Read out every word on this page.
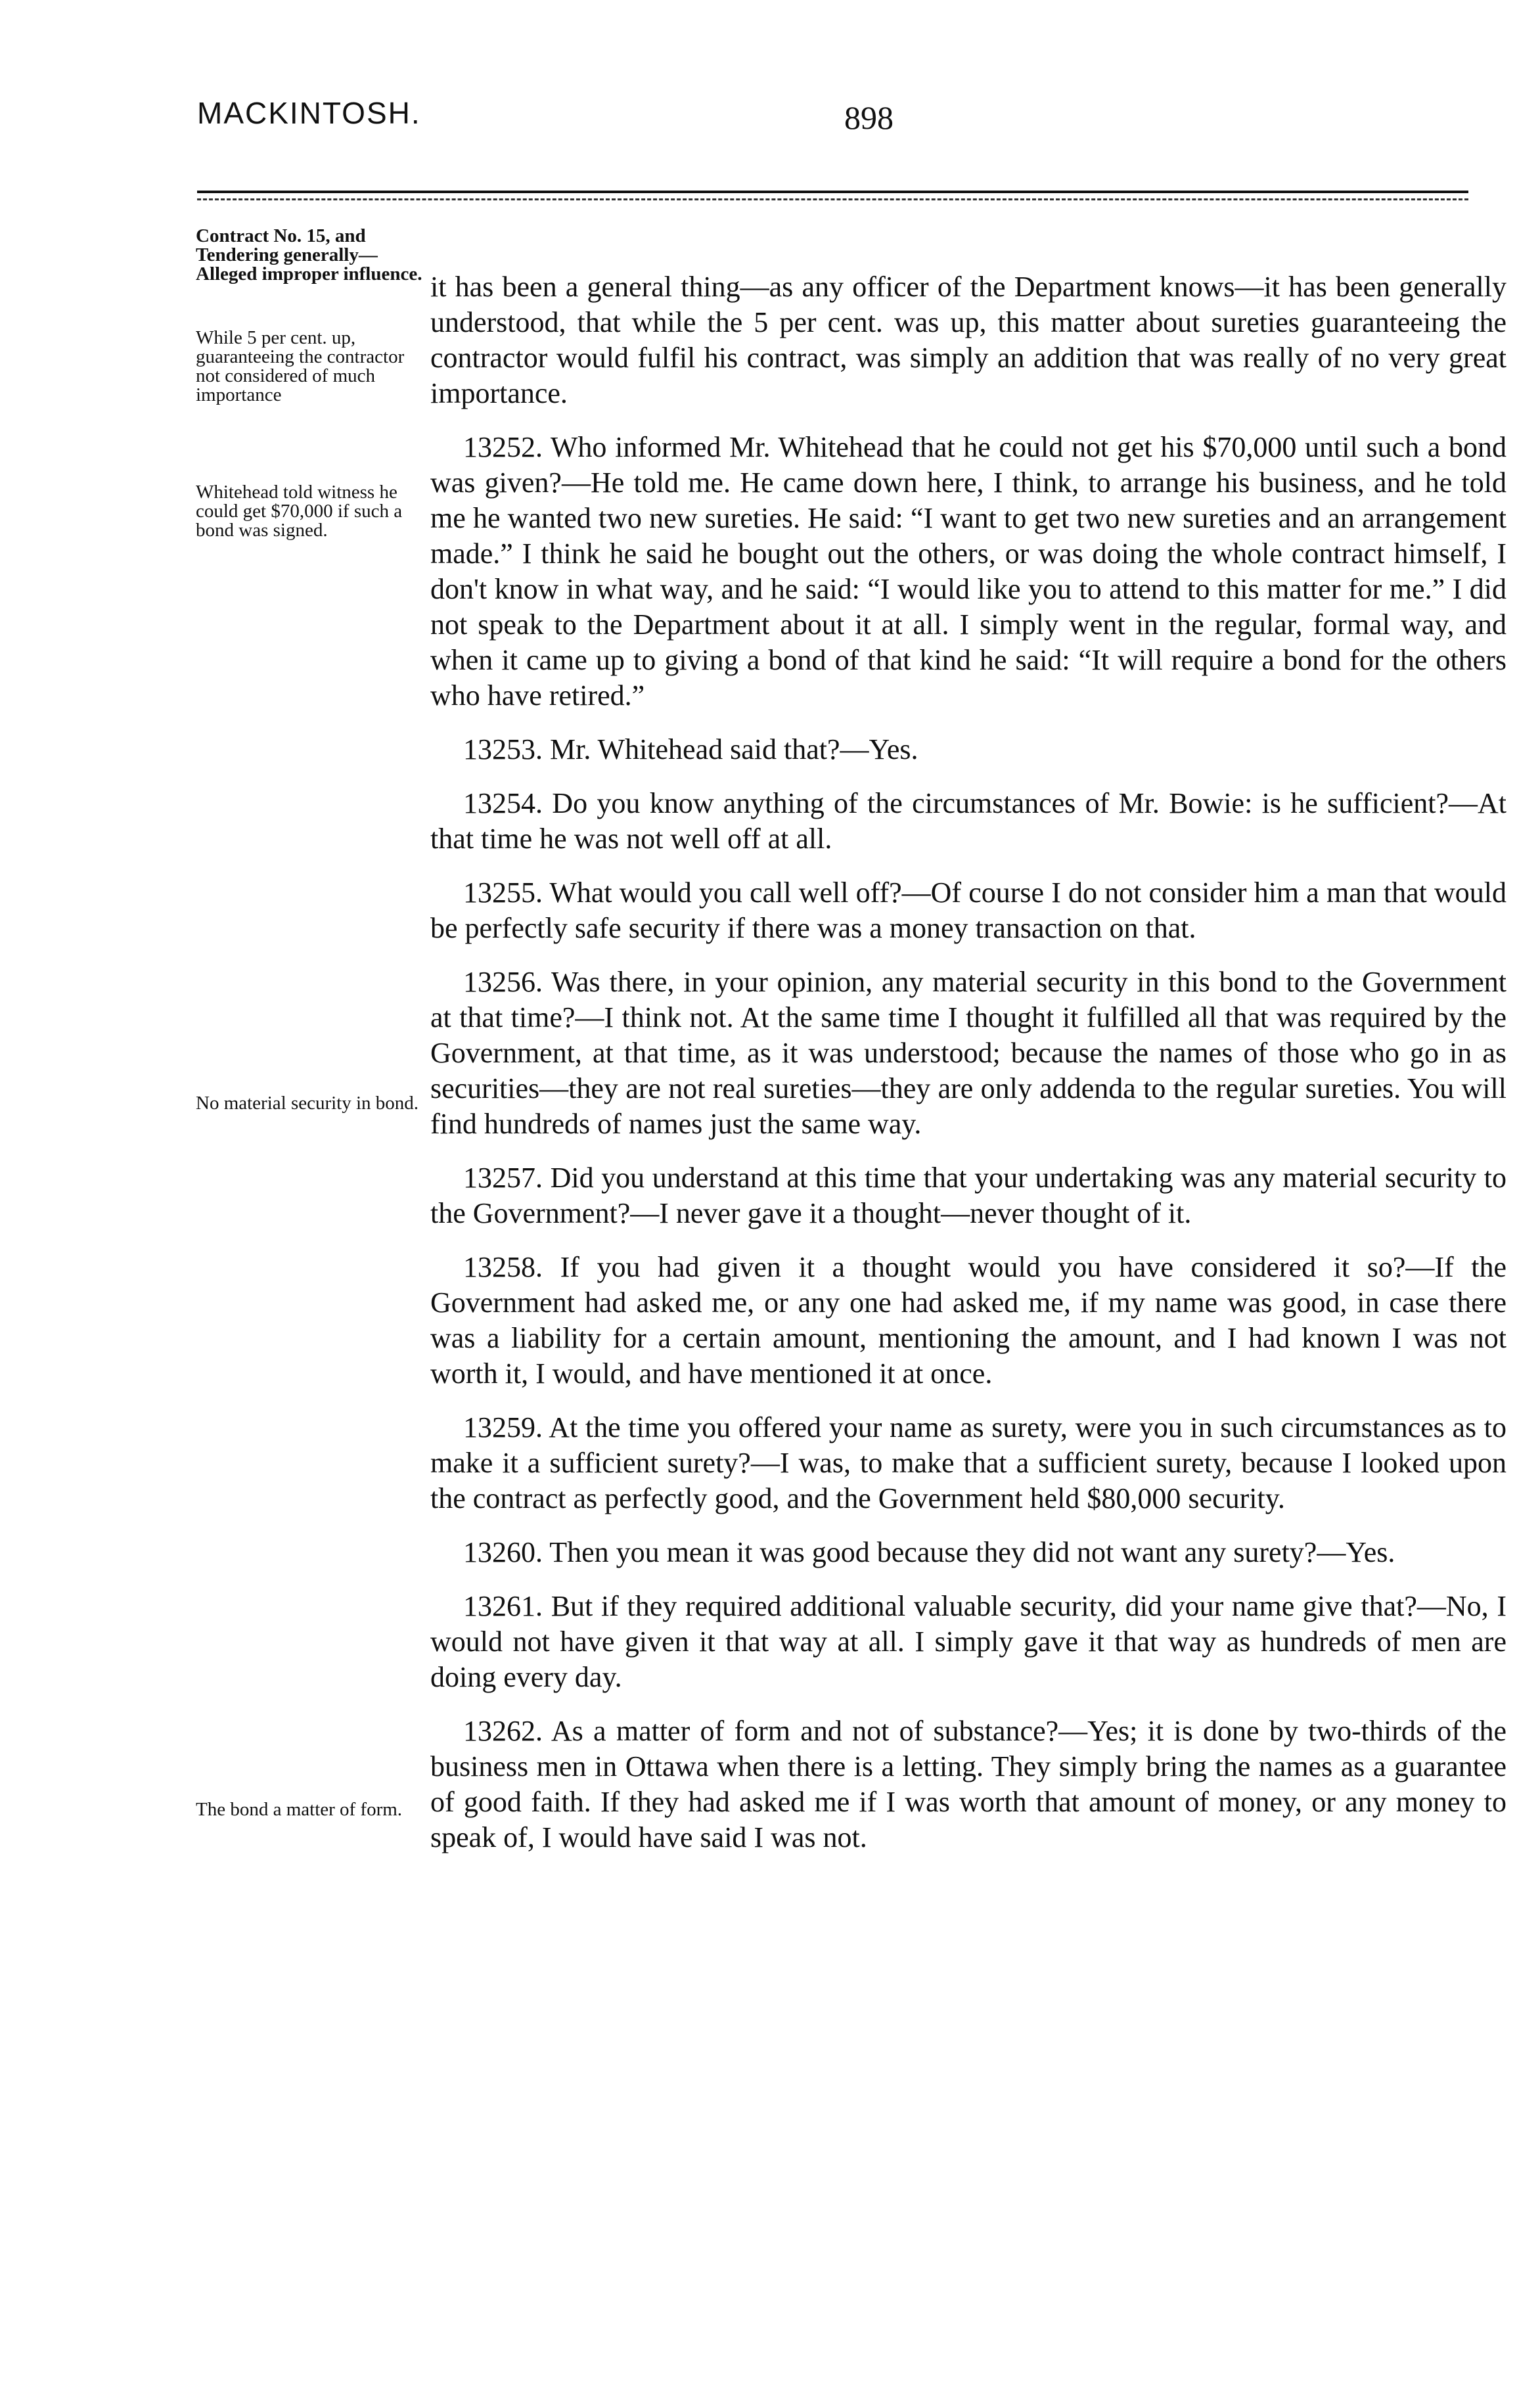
MACKINTOSH.	898
Contract No. 15, and Tendering generally— Alleged improper influence.
While 5 per cent. up, guaranteeing the contractor not considered of much importance
Whitehead told witness he could get $70,000 if such a bond was signed.
No material security in bond.
The bond a matter of form.

it has been a general thing—as any officer of the Department knows—it has been generally understood, that while the 5 per cent. was up, this matter about sureties guaranteeing the contractor would fulfil his contract, was simply an addition that was really of no very great importance.

13252. Who informed Mr. Whitehead that he could not get his $70,000 until such a bond was given?—He told me. He came down here, I think, to arrange his business, and he told me he wanted two new sureties. He said: “I want to get two new sureties and an arrangement made.” I think he said he bought out the others, or was doing the whole contract himself, I don't know in what way, and he said: “I would like you to attend to this matter for me.” I did not speak to the Department about it at all. I simply went in the regular, formal way, and when it came up to giving a bond of that kind he said: “It will require a bond for the others who have retired.”

13253. Mr. Whitehead said that?—Yes.

13254. Do you know anything of the circumstances of Mr. Bowie: is he sufficient?—At that time he was not well off at all.

13255. What would you call well off?—Of course I do not consider him a man that would be perfectly safe security if there was a money transaction on that.

13256. Was there, in your opinion, any material security in this bond to the Government at that time?—I think not. At the same time I thought it fulfilled all that was required by the Government, at that time, as it was understood; because the names of those who go in as securities—they are not real sureties—they are only addenda to the regular sureties. You will find hundreds of names just the same way.

13257. Did you understand at this time that your undertaking was any material security to the Government?—I never gave it a thought—never thought of it.

13258. If you had given it a thought would you have considered it so?—If the Government had asked me, or any one had asked me, if my name was good, in case there was a liability for a certain amount, mentioning the amount, and I had known I was not worth it, I would, and have mentioned it at once.

13259. At the time you offered your name as surety, were you in such circumstances as to make it a sufficient surety?—I was, to make that a sufficient surety, because I looked upon the contract as perfectly good, and the Government held $80,000 security.

13260. Then you mean it was good because they did not want any surety?—Yes.

13261. But if they required additional valuable security, did your name give that?—No, I would not have given it that way at all. I simply gave it that way as hundreds of men are doing every day.

13262. As a matter of form and not of substance?—Yes; it is done by two-thirds of the business men in Ottawa when there is a letting. They simply bring the names as a guarantee of good faith. If they had asked me if I was worth that amount of money, or any money to speak of, I would have said I was not.
